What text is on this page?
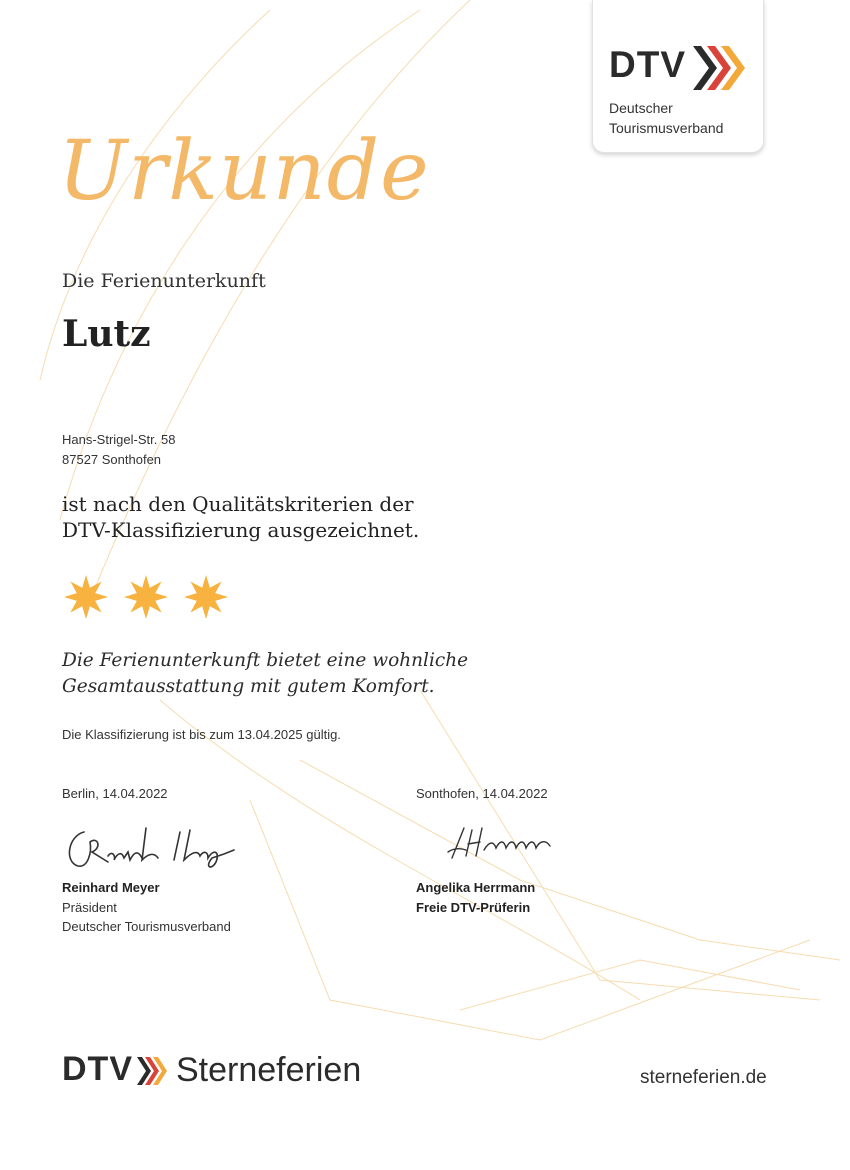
DTV
Deutscher
Tourismusverband
Urkunde
Die Ferienunterkunft
Lutz
Hans-Strigel-Str. 58
87527 Sonthofen
ist nach den Qualitätskriterien der
DTV-Klassifizierung ausgezeichnet.
Die Ferienunterkunft bietet eine wohnliche
Gesamtausstattung mit gutem Komfort.
Die Klassifizierung ist bis zum 13.04.2025 gültig.
Berlin, 14.04.2022
Reinhard Meyer
Präsident
Deutscher Tourismusverband
Sonthofen, 14.04.2022
Angelika Herrmann
Freie DTV-Prüferin
DTV Sterneferien	sterneferien.de
